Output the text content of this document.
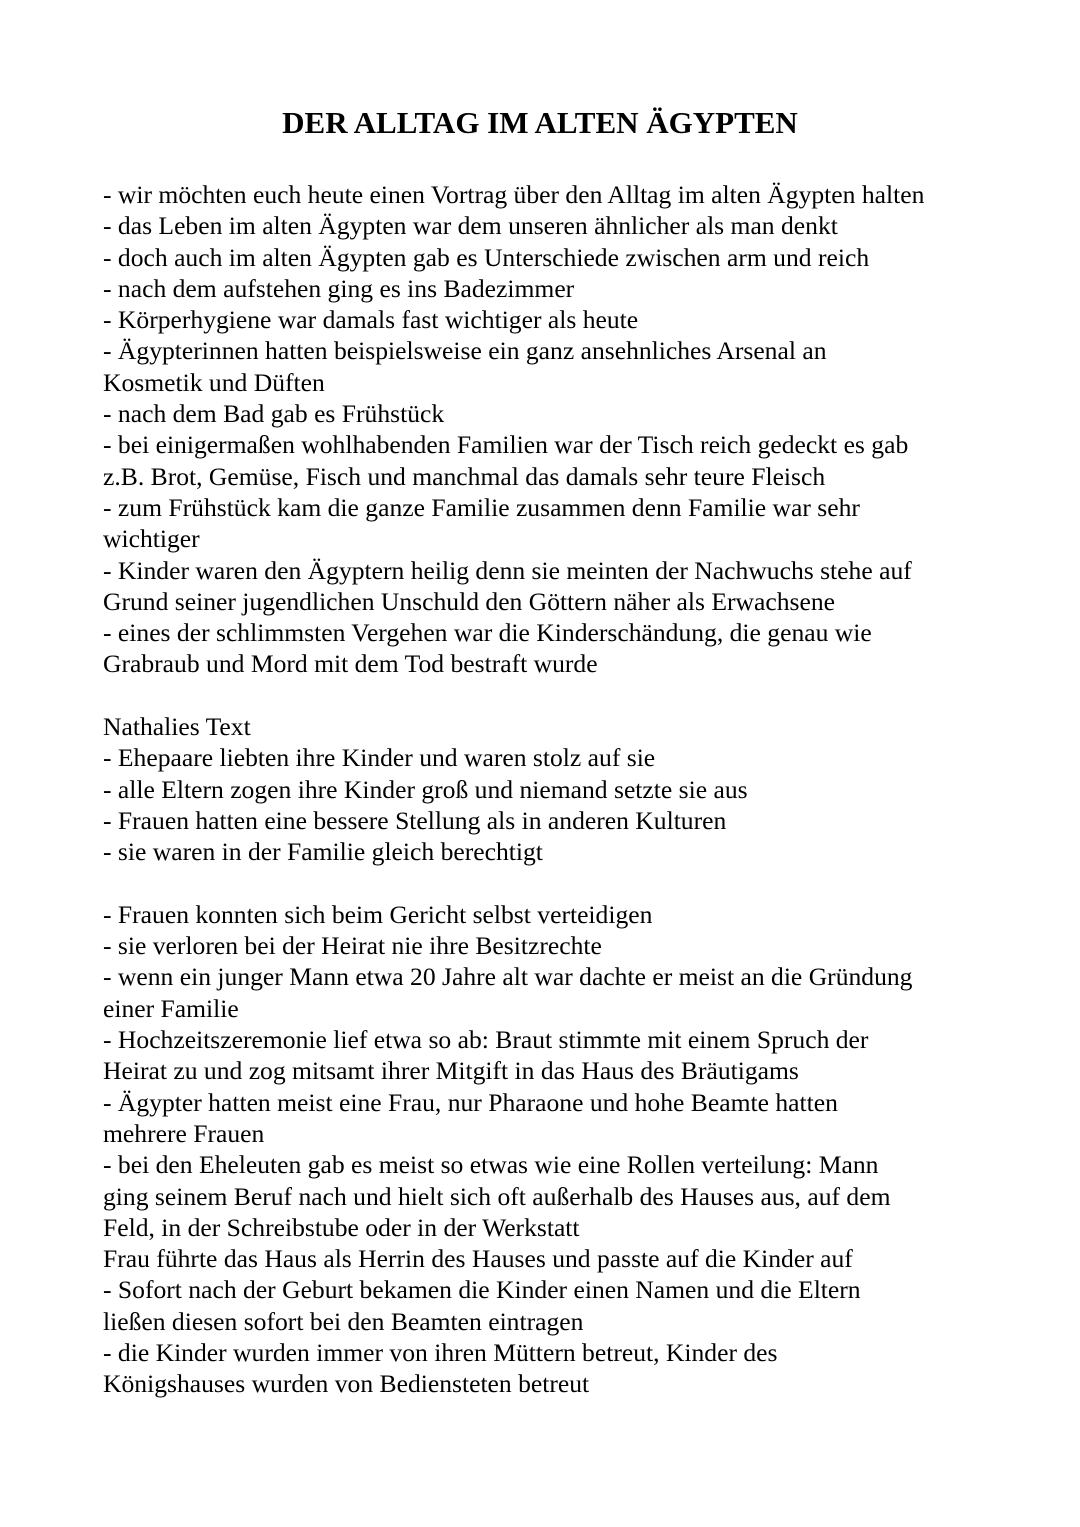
DER ALLTAG IM ALTEN ÄGYPTEN
- wir möchten euch heute einen Vortrag über den Alltag im alten Ägypten halten
- das Leben im alten Ägypten war dem unseren ähnlicher als man denkt
- doch auch im alten Ägypten gab es Unterschiede zwischen arm und reich
- nach dem aufstehen ging es ins Badezimmer
- Körperhygiene war damals fast wichtiger als heute
- Ägypterinnen hatten beispielsweise ein ganz ansehnliches Arsenal an
Kosmetik und Düften
- nach dem Bad gab es Frühstück
- bei einigermaßen wohlhabenden Familien war der Tisch reich gedeckt es gab
z.B. Brot, Gemüse, Fisch und manchmal das damals sehr teure Fleisch
- zum Frühstück kam die ganze Familie zusammen denn Familie war sehr
wichtiger
- Kinder waren den Ägyptern heilig denn sie meinten der Nachwuchs stehe auf
Grund seiner jugendlichen Unschuld den Göttern näher als Erwachsene
- eines der schlimmsten Vergehen war die Kinderschändung, die genau wie
Grabraub und Mord mit dem Tod bestraft wurde
Nathalies Text
- Ehepaare liebten ihre Kinder und waren stolz auf sie
- alle Eltern zogen ihre Kinder groß und niemand setzte sie aus
- Frauen hatten eine bessere Stellung als in anderen Kulturen
- sie waren in der Familie gleich berechtigt
- Frauen konnten sich beim Gericht selbst verteidigen
- sie verloren bei der Heirat nie ihre Besitzrechte
- wenn ein junger Mann etwa 20 Jahre alt war dachte er meist an die Gründung
einer Familie
- Hochzeitszeremonie lief etwa so ab: Braut stimmte mit einem Spruch der
Heirat zu und zog mitsamt ihrer Mitgift in das Haus des Bräutigams
- Ägypter hatten meist eine Frau, nur Pharaone und hohe Beamte hatten
mehrere Frauen
- bei den Eheleuten gab es meist so etwas wie eine Rollen verteilung: Mann
ging seinem Beruf nach und hielt sich oft außerhalb des Hauses aus, auf dem
Feld, in der Schreibstube oder in der Werkstatt
Frau führte das Haus als Herrin des Hauses und passte auf die Kinder auf
- Sofort nach der Geburt bekamen die Kinder einen Namen und die Eltern
ließen diesen sofort bei den Beamten eintragen
- die Kinder wurden immer von ihren Müttern betreut, Kinder des
Königshauses wurden von Bediensteten betreut
